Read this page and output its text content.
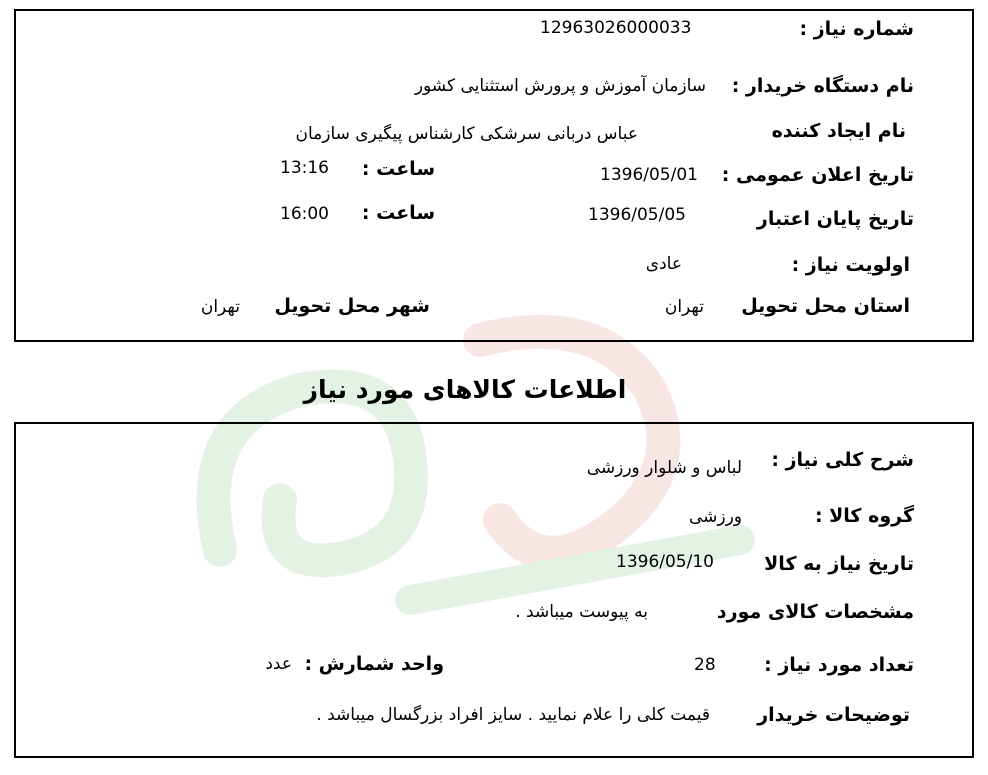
شماره نیاز :
12963026000033
نام دستگاه خریدار :
سازمان آموزش و پرورش استثنایی کشور
نام ایجاد کننده
عباس دربانی سرشکی کارشناس پیگیری سازمان
تاریخ اعلان عمومی :
1396/05/01
ساعت :
13:16
تاریخ پایان اعتبار
1396/05/05
ساعت :
16:00
اولویت نیاز :
عادی
استان محل تحویل
تهران
شهر محل تحویل
تهران
اطلاعات کالاهای مورد نیاز
شرح کلی نیاز :
لباس و شلوار ورزشی
گروه کالا :
ورزشی
تاریخ نیاز به کالا
1396/05/10
مشخصات کالای مورد
به پیوست میباشد .
تعداد مورد نیاز :
28
واحد شمارش :
عدد
توضیحات خریدار
قیمت کلی را علام نمایید . سایز افراد بزرگسال میباشد .
